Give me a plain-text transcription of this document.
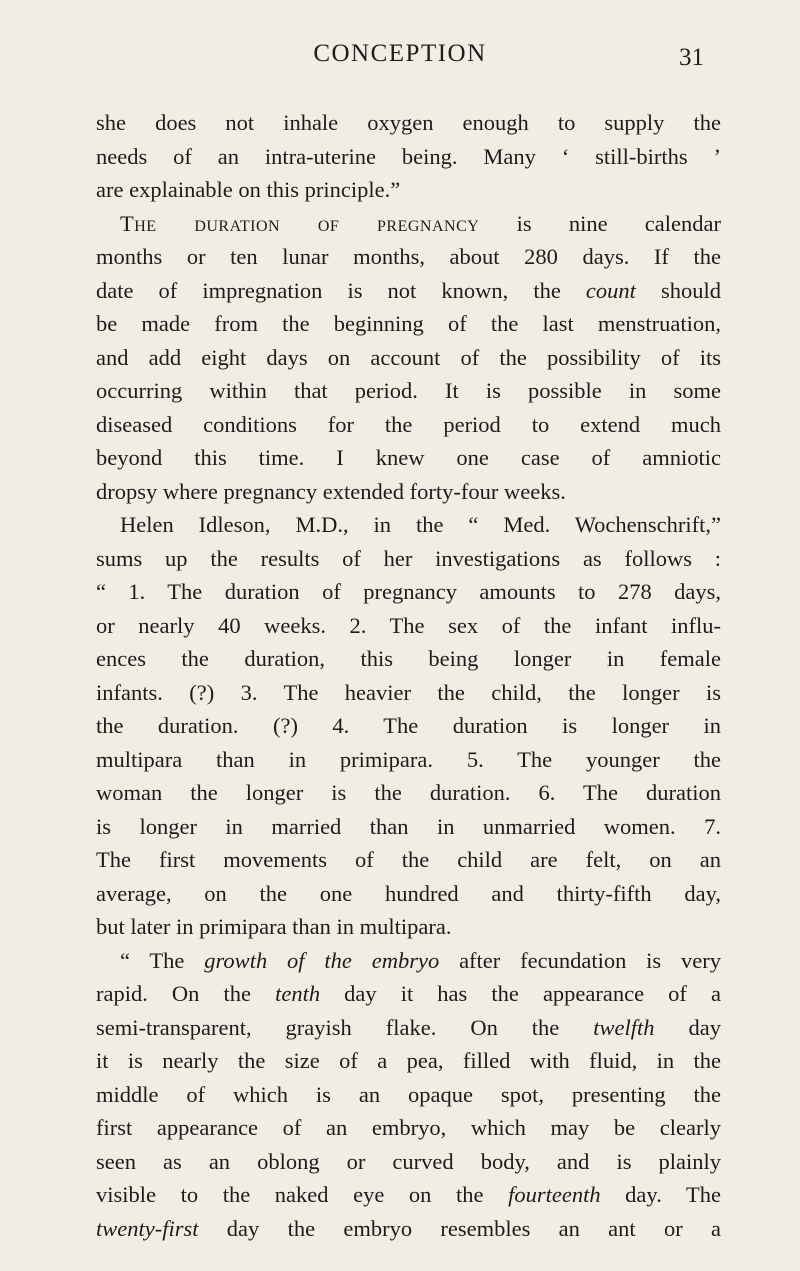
CONCEPTION	31
she does not inhale oxygen enough to supply the
needs of an intra-uterine being. Many ‘ still-births ’
are explainable on this principle.”
The duration of pregnancy is nine calendar
months or ten lunar months, about 280 days. If the
date of impregnation is not known, the count should
be made from the beginning of the last menstruation,
and add eight days on account of the possibility of its
occurring within that period. It is possible in some
diseased conditions for the period to extend much
beyond this time. I knew one case of amniotic
dropsy where pregnancy extended forty-four weeks.
Helen Idleson, M.D., in the “ Med. Wochenschrift,”
sums up the results of her investigations as follows :
“ 1. The duration of pregnancy amounts to 278 days,
or nearly 40 weeks. 2. The sex of the infant influ-
ences the duration, this being longer in female
infants. (?) 3. The heavier the child, the longer is
the duration. (?) 4. The duration is longer in
multipara than in primipara. 5. The younger the
woman the longer is the duration. 6. The duration
is longer in married than in unmarried women. 7.
The first movements of the child are felt, on an
average, on the one hundred and thirty-fifth day,
but later in primipara than in multipara.
“ The growth of the embryo after fecundation is very
rapid. On the tenth day it has the appearance of a
semi-transparent, grayish flake. On the twelfth day
it is nearly the size of a pea, filled with fluid, in the
middle of which is an opaque spot, presenting the
first appearance of an embryo, which may be clearly
seen as an oblong or curved body, and is plainly
visible to the naked eye on the fourteenth day. The
twenty-first day the embryo resembles an ant or a
